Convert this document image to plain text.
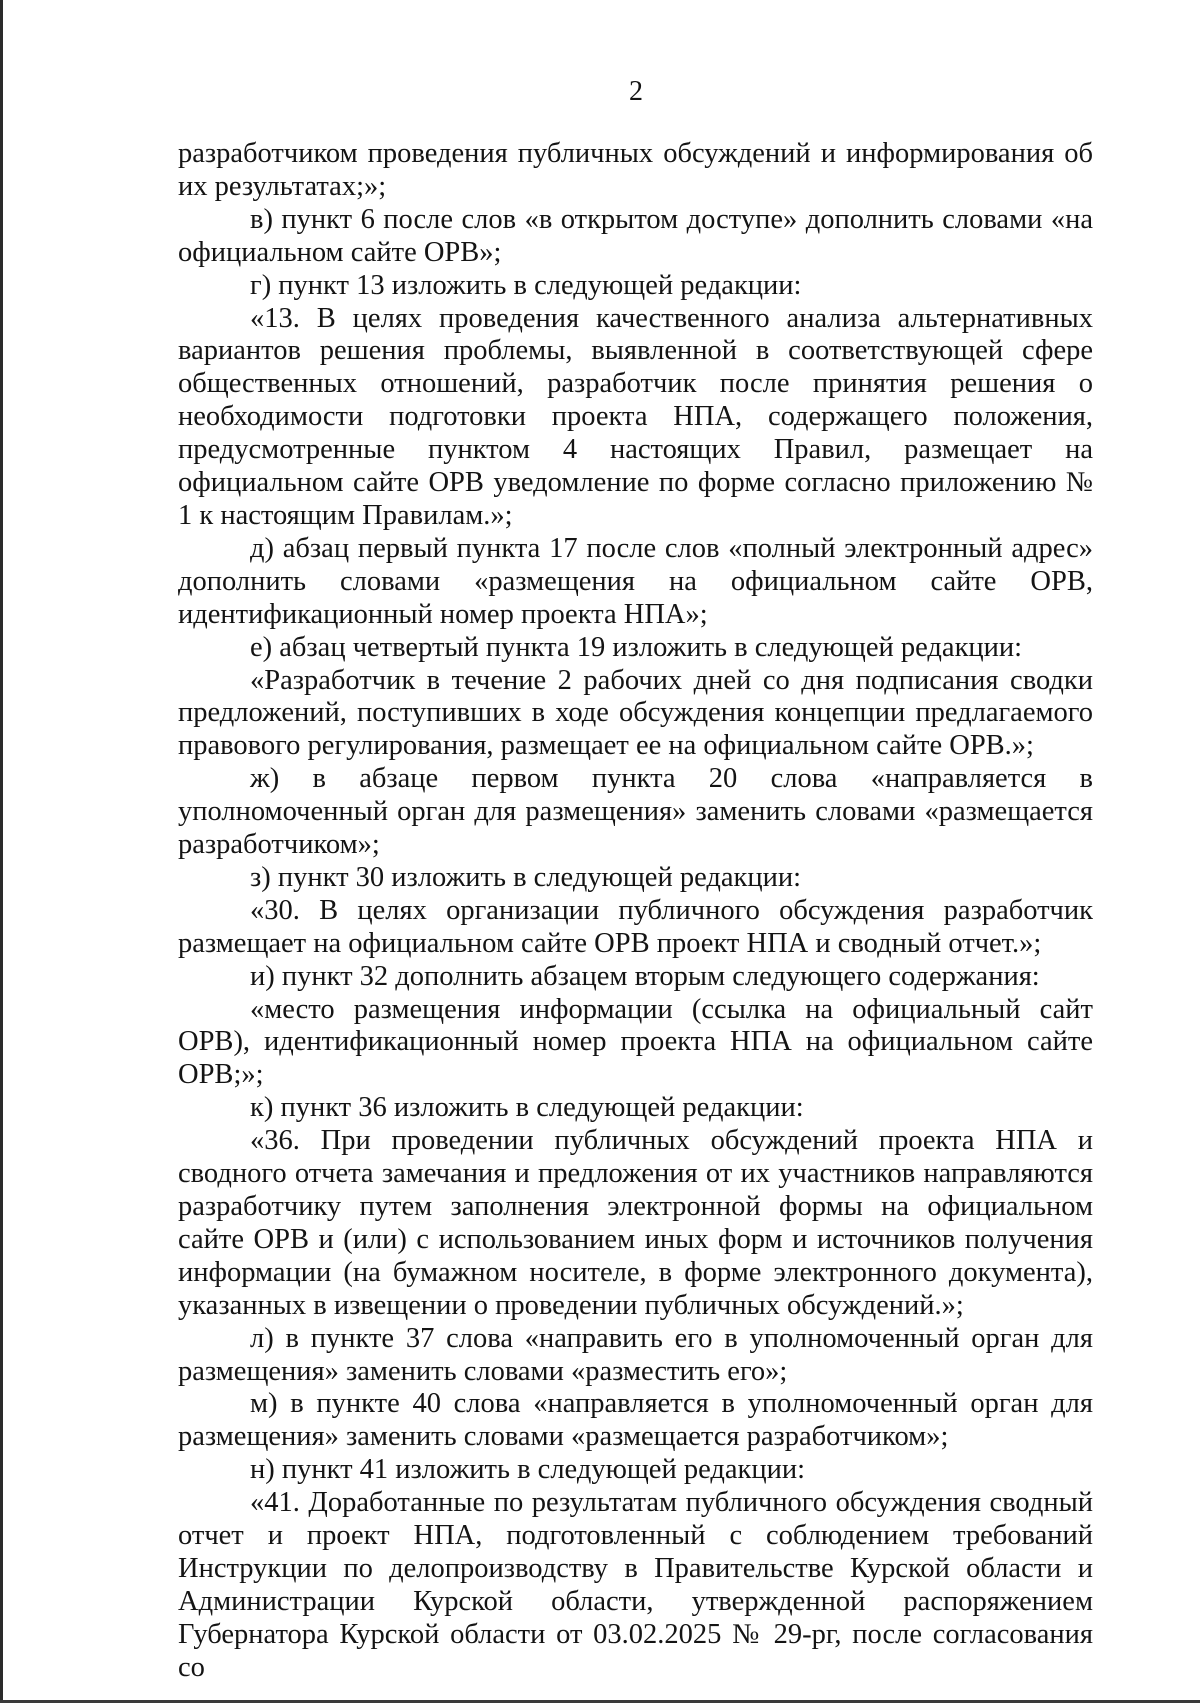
2

разработчиком проведения публичных обсуждений и информирования об их результатах;»;

в) пункт 6 после слов «в открытом доступе» дополнить словами «на официальном сайте ОРВ»;

г) пункт 13 изложить в следующей редакции:

«13. В целях проведения качественного анализа альтернативных вариантов решения проблемы, выявленной в соответствующей сфере общественных отношений, разработчик после принятия решения о необходимости подготовки проекта НПА, содержащего положения, предусмотренные пунктом 4 настоящих Правил, размещает на официальном сайте ОРВ уведомление по форме согласно приложению № 1 к настоящим Правилам.»;

д) абзац первый пункта 17 после слов «полный электронный адрес» дополнить словами «размещения на официальном сайте ОРВ, идентификационный номер проекта НПА»;

е) абзац четвертый пункта 19 изложить в следующей редакции:

«Разработчик в течение 2 рабочих дней со дня подписания сводки предложений, поступивших в ходе обсуждения концепции предлагаемого правового регулирования, размещает ее на официальном сайте ОРВ.»;

ж) в абзаце первом пункта 20 слова «направляется в уполномоченный орган для размещения» заменить словами «размещается разработчиком»;

з) пункт 30 изложить в следующей редакции:

«30. В целях организации публичного обсуждения разработчик размещает на официальном сайте ОРВ проект НПА и сводный отчет.»;

и) пункт 32 дополнить абзацем вторым следующего содержания:

«место размещения информации (ссылка на официальный сайт ОРВ), идентификационный номер проекта НПА на официальном сайте ОРВ;»;

к) пункт 36 изложить в следующей редакции:

«36. При проведении публичных обсуждений проекта НПА и сводного отчета замечания и предложения от их участников направляются разработчику путем заполнения электронной формы на официальном сайте ОРВ и (или) с использованием иных форм и источников получения информации (на бумажном носителе, в форме электронного документа), указанных в извещении о проведении публичных обсуждений.»;

л) в пункте 37 слова «направить его в уполномоченный орган для размещения» заменить словами «разместить его»;

м) в пункте 40 слова «направляется в уполномоченный орган для размещения» заменить словами «размещается разработчиком»;

н) пункт 41 изложить в следующей редакции:

«41. Доработанные по результатам публичного обсуждения сводный отчет и проект НПА, подготовленный с соблюдением требований Инструкции по делопроизводству в Правительстве Курской области и Администрации Курской области, утвержденной распоряжением Губернатора Курской области от 03.02.2025 № 29-рг, после согласования со
